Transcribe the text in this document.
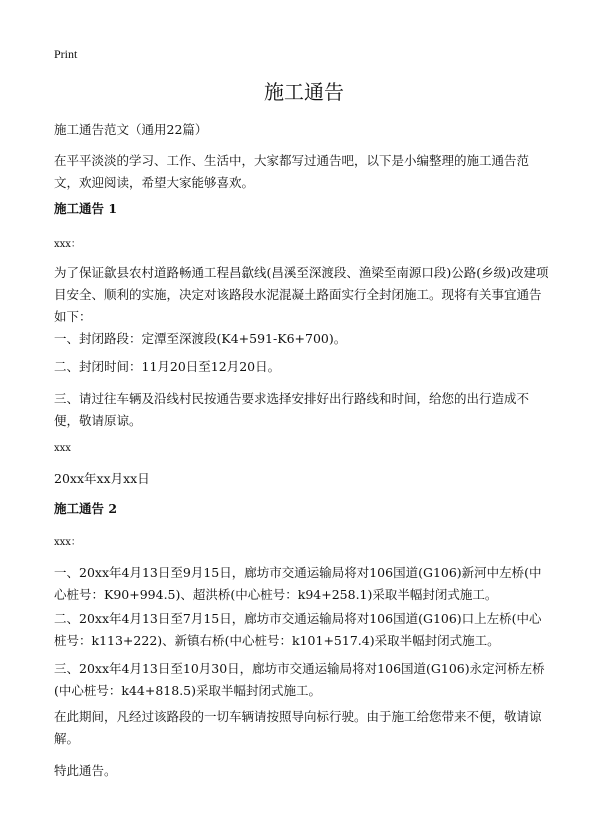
Print
施工通告

施工通告范文（通用22篇）

在平平淡淡的学习、工作、生活中，大家都写过通告吧，以下是小编整理的施工通告范文，欢迎阅读，希望大家能够喜欢。

施工通告 1

xxx：

为了保证歙县农村道路畅通工程昌歙线(昌溪至深渡段、渔梁至南源口段)公路(乡级)改建项目安全、顺利的实施，决定对该路段水泥混凝土路面实行全封闭施工。现将有关事宜通告如下：

一、封闭路段：定潭至深渡段(K4+591-K6+700)。

二、封闭时间：11月20日至12月20日。

三、请过往车辆及沿线村民按通告要求选择安排好出行路线和时间，给您的出行造成不便，敬请原谅。

xxx

20xx年xx月xx日

施工通告 2

xxx：

一、20xx年4月13日至9月15日，廊坊市交通运输局将对106国道(G106)新河中左桥(中心桩号：K90+994.5)、超洪桥(中心桩号：k94+258.1)采取半幅封闭式施工。

二、20xx年4月13日至7月15日，廊坊市交通运输局将对106国道(G106)口上左桥(中心桩号：k113+222)、新镇右桥(中心桩号：k101+517.4)采取半幅封闭式施工。

三、20xx年4月13日至10月30日，廊坊市交通运输局将对106国道(G106)永定河桥左桥(中心桩号：k44+818.5)采取半幅封闭式施工。

在此期间，凡经过该路段的一切车辆请按照导向标行驶。由于施工给您带来不便，敬请谅解。

特此通告。
